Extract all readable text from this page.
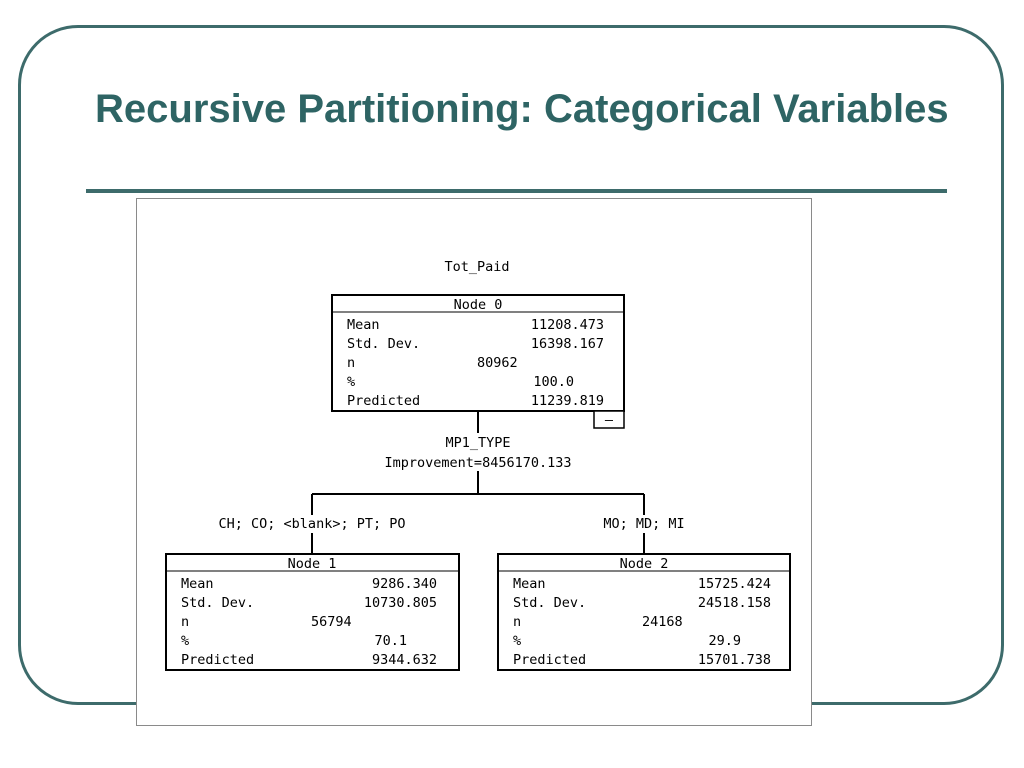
Recursive Partitioning: Categorical Variables
Tot_Paid
Node 0
Mean	11208.473
Std. Dev.	16398.167
n	80962
%	100.0
Predicted	11239.819
—
MP1_TYPE
Improvement=8456170.133
CH; CO; <blank>; PT; PO	MO; MD; MI
Node 1
Mean	9286.340
Std. Dev.	10730.805
n	56794
%	70.1
Predicted	9344.632
Node 2
Mean	15725.424
Std. Dev.	24518.158
n	24168
%	29.9
Predicted	15701.738
